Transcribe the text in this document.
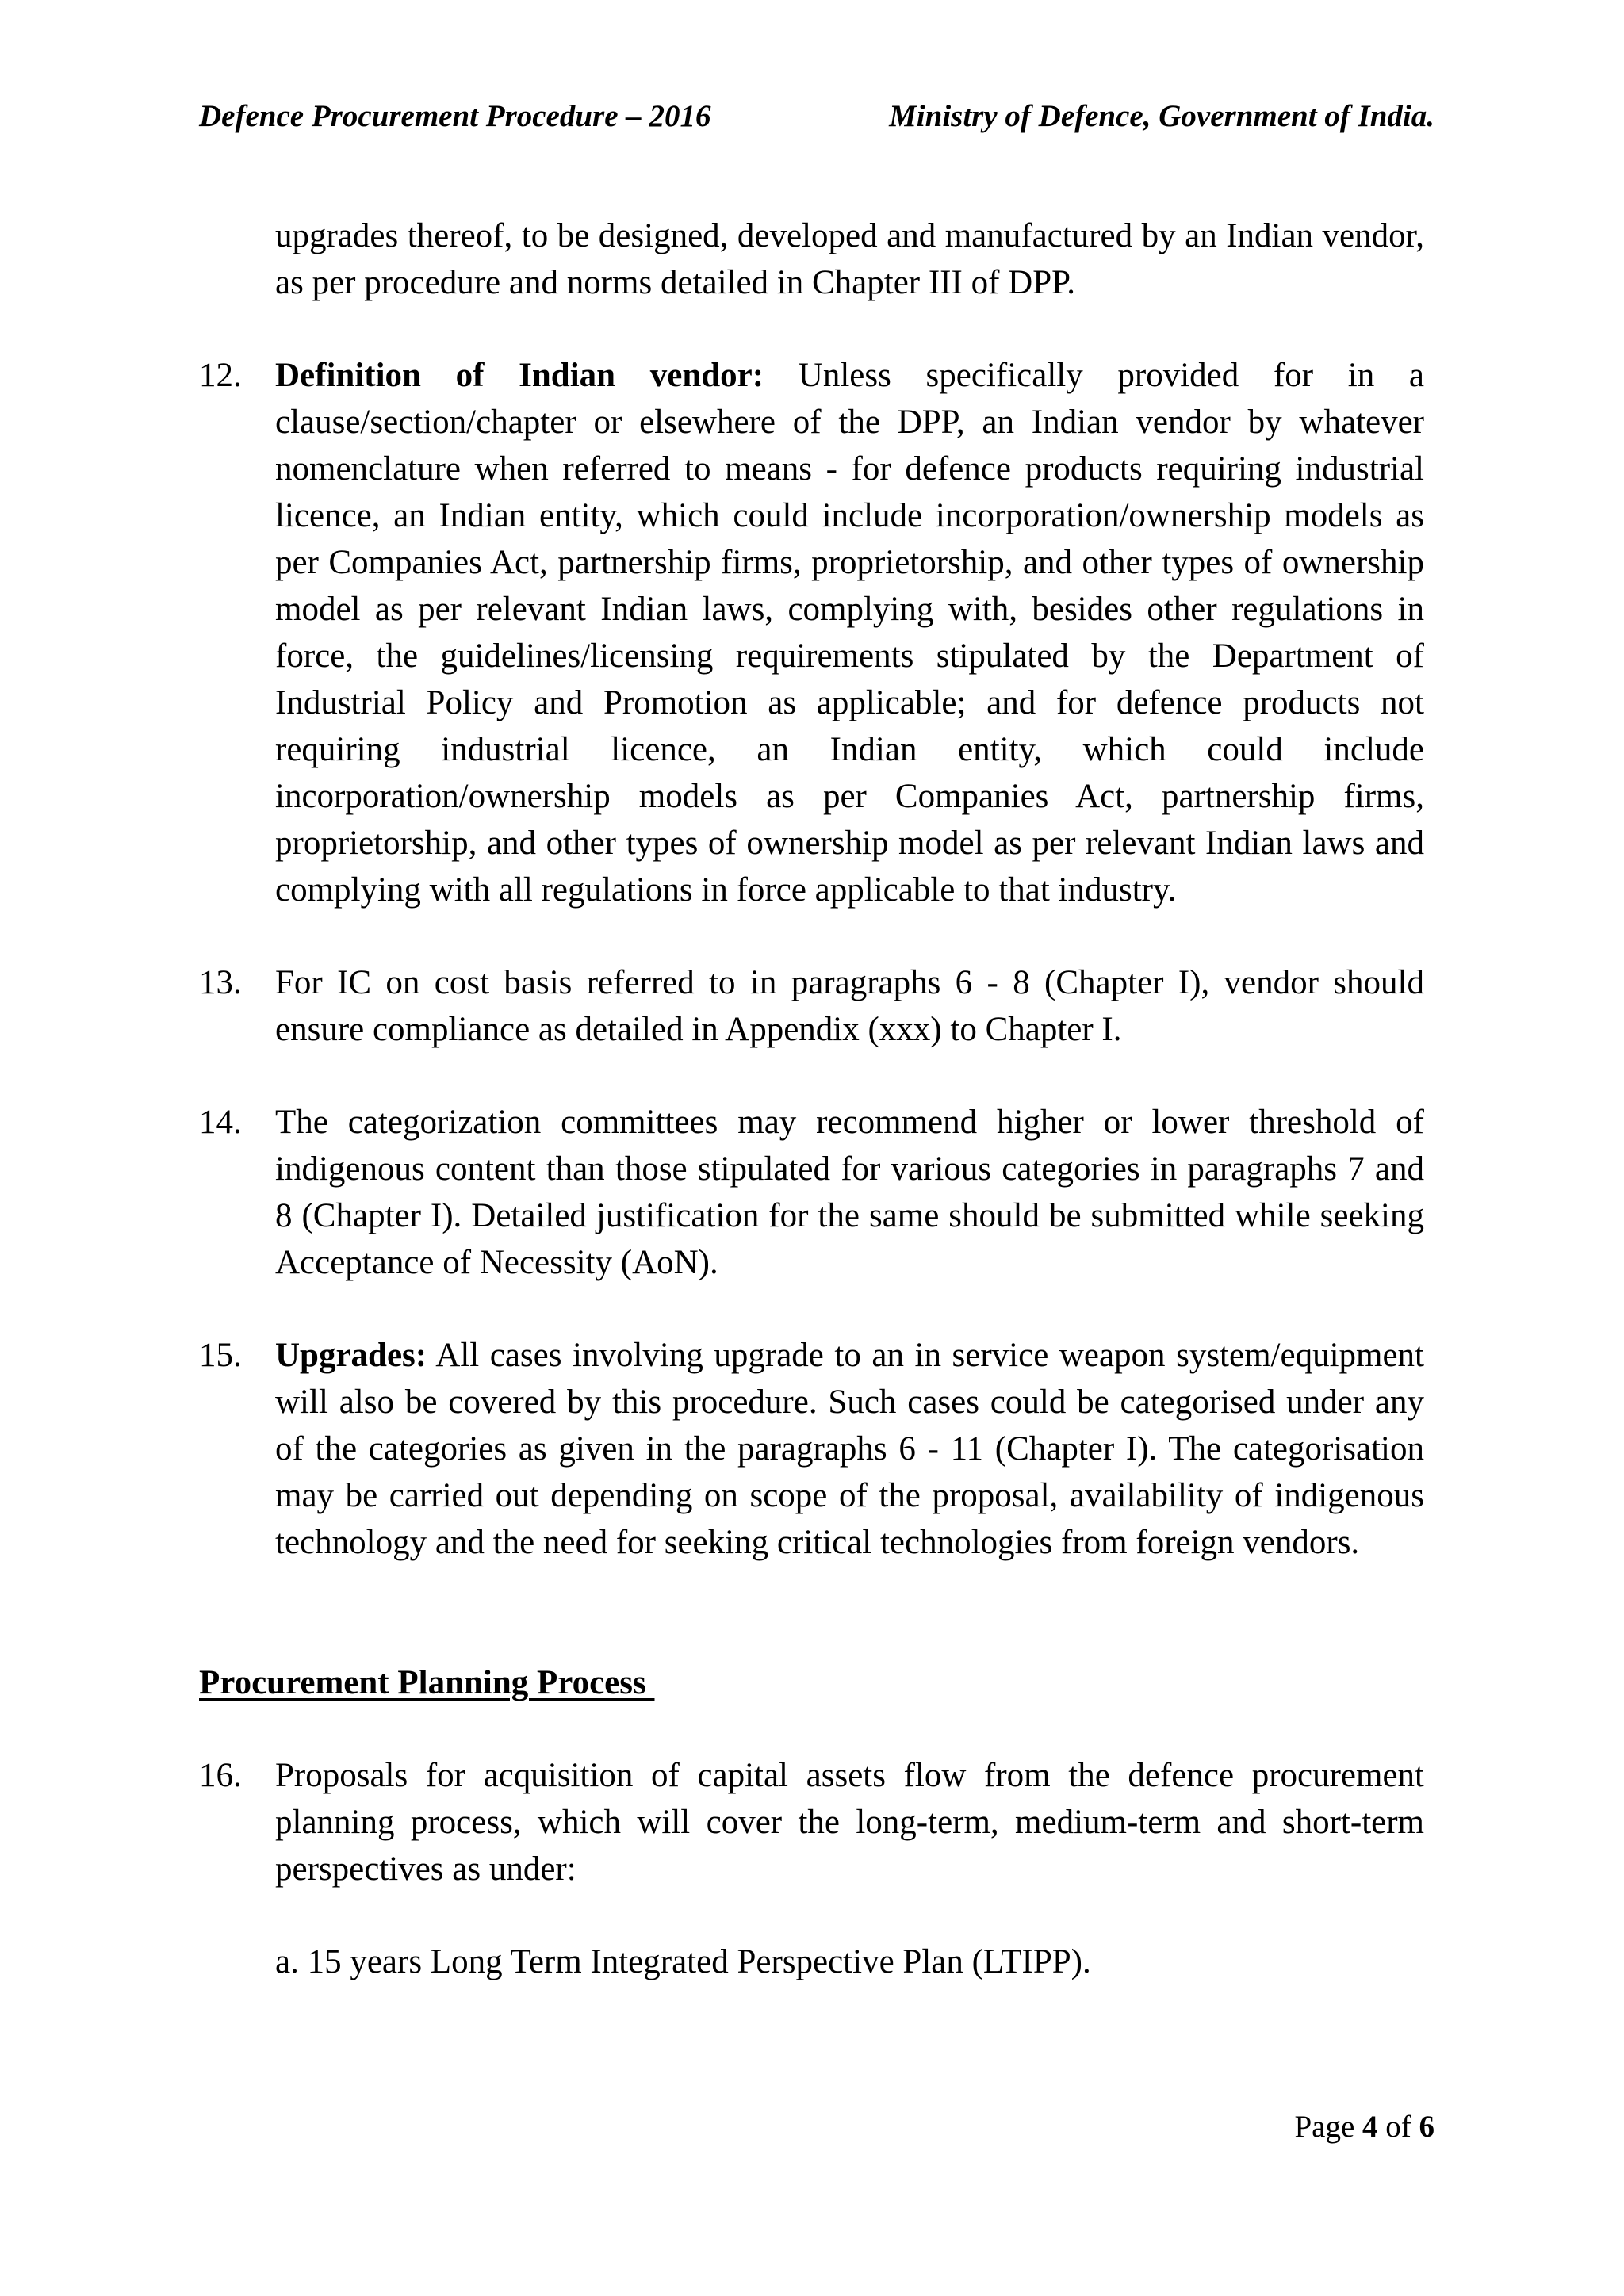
Defence Procurement Procedure – 2016	Ministry of Defence, Government of India.
upgrades thereof, to be designed, developed and manufactured by an Indian vendor, as per procedure and norms detailed in Chapter III of DPP.
12. Definition of Indian vendor: Unless specifically provided for in a clause/section/chapter or elsewhere of the DPP, an Indian vendor by whatever nomenclature when referred to means - for defence products requiring industrial licence, an Indian entity, which could include incorporation/ownership models as per Companies Act, partnership firms, proprietorship, and other types of ownership model as per relevant Indian laws, complying with, besides other regulations in force, the guidelines/licensing requirements stipulated by the Department of Industrial Policy and Promotion as applicable; and for defence products not requiring industrial licence, an Indian entity, which could include incorporation/ownership models as per Companies Act, partnership firms, proprietorship, and other types of ownership model as per relevant Indian laws and complying with all regulations in force applicable to that industry.
13. For IC on cost basis referred to in paragraphs 6 - 8 (Chapter I), vendor should ensure compliance as detailed in Appendix (xxx) to Chapter I.
14. The categorization committees may recommend higher or lower threshold of indigenous content than those stipulated for various categories in paragraphs 7 and 8 (Chapter I). Detailed justification for the same should be submitted while seeking Acceptance of Necessity (AoN).
15. Upgrades: All cases involving upgrade to an in service weapon system/equipment will also be covered by this procedure. Such cases could be categorised under any of the categories as given in the paragraphs 6 - 11 (Chapter I). The categorisation may be carried out depending on scope of the proposal, availability of indigenous technology and the need for seeking critical technologies from foreign vendors.
Procurement Planning Process
16. Proposals for acquisition of capital assets flow from the defence procurement planning process, which will cover the long-term, medium-term and short-term perspectives as under:
a. 15 years Long Term Integrated Perspective Plan (LTIPP).
Page 4 of 6
